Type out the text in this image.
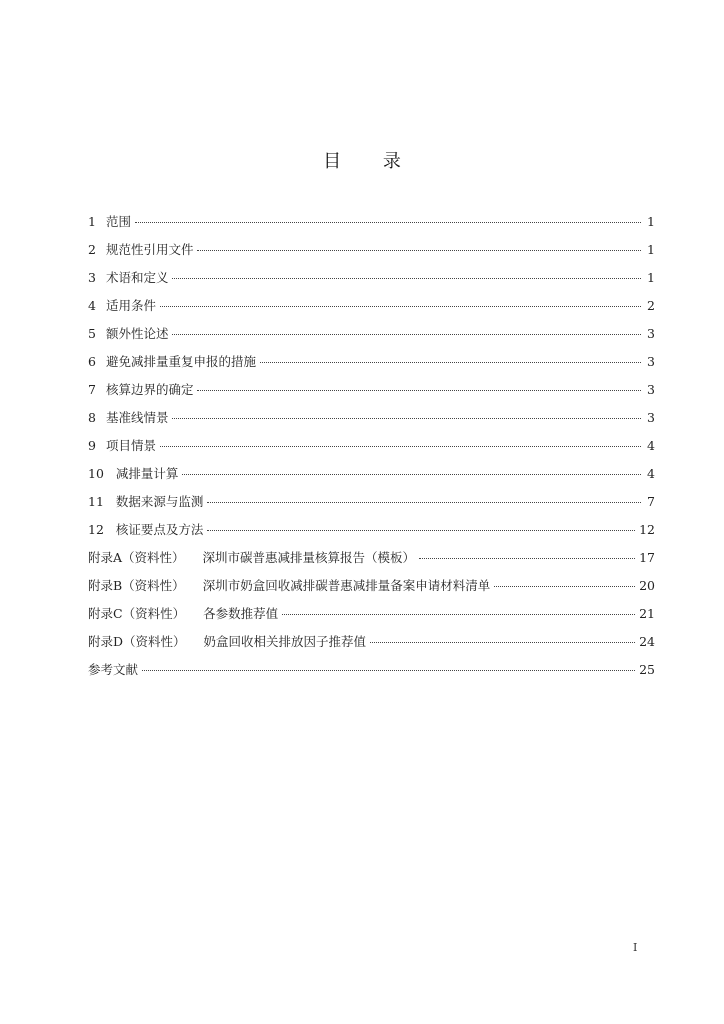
目 录
1 范围	1
2 规范性引用文件	1
3 术语和定义	1
4 适用条件	2
5 额外性论述	3
6 避免减排量重复申报的措施	3
7 核算边界的确定	3
8 基准线情景	3
9 项目情景	4
10 减排量计算	4
11 数据来源与监测	7
12 核证要点及方法	12
附录A（资料性） 深圳市碳普惠减排量核算报告（模板）	17
附录B（资料性） 深圳市奶盒回收减排碳普惠减排量备案申请材料清单	20
附录C（资料性） 各参数推荐值	21
附录D（资料性） 奶盒回收相关排放因子推荐值	24
参考文献	25
I
